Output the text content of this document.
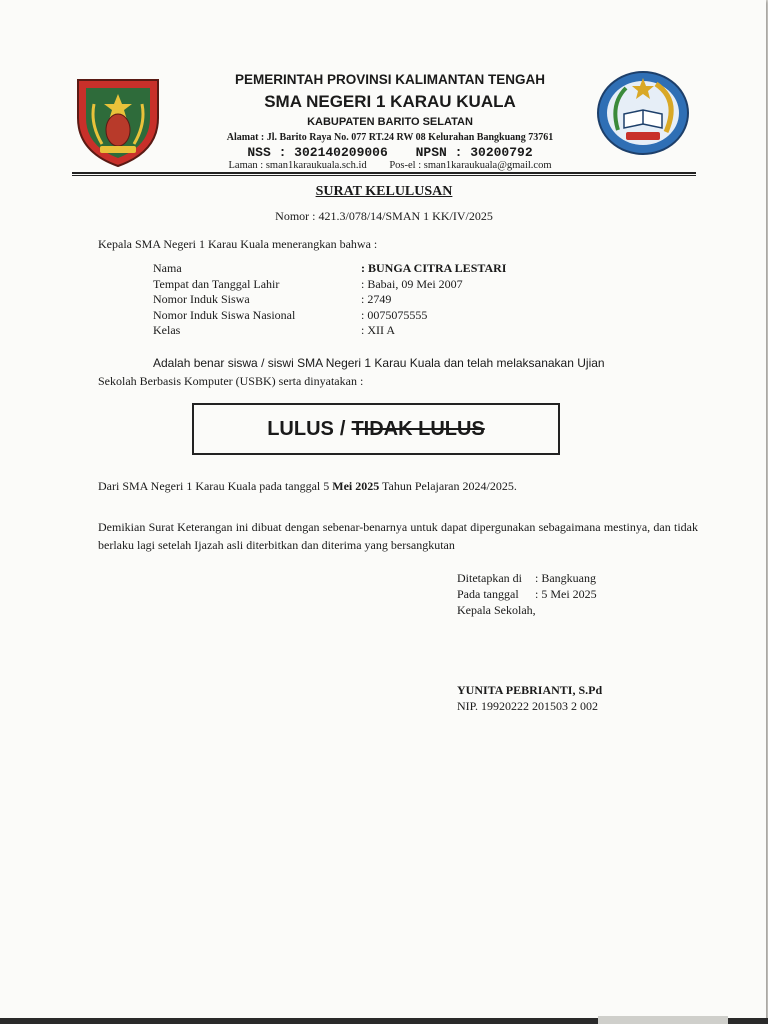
PEMERINTAH PROVINSI KALIMANTAN TENGAH
SMA NEGERI 1 KARAU KUALA
KABUPATEN BARITO SELATAN
Alamat : Jl. Barito Raya No. 077 RT.24 RW 08 Kelurahan Bangkuang 73761
NSS : 302140209006 NPSN : 30200792
Laman : sman1karaukuala.sch.id Pos-el : sman1karaukuala@gmail.com
SURAT KELULUSAN
Nomor : 421.3/078/14/SMAN 1 KK/IV/2025
Kepala SMA Negeri 1 Karau Kuala menerangkan bahwa :
Nama	: BUNGA CITRA LESTARI
Tempat dan Tanggal Lahir	: Babai, 09 Mei 2007
Nomor Induk Siswa	: 2749
Nomor Induk Siswa Nasional	: 0075075555
Kelas	: XII A
Adalah benar siswa / siswi SMA Negeri 1 Karau Kuala dan telah melaksanakan Ujian
Sekolah Berbasis Komputer (USBK) serta dinyatakan :
LULUS / TIDAK LULUS
Dari SMA Negeri 1 Karau Kuala pada tanggal 5 Mei 2025 Tahun Pelajaran 2024/2025.
Demikian Surat Keterangan ini dibuat dengan sebenar-benarnya untuk dapat dipergunakan sebagaimana mestinya, dan tidak berlaku lagi setelah Ijazah asli diterbitkan dan diterima yang bersangkutan
Ditetapkan di	: Bangkuang
Pada tanggal	: 5 Mei 2025
Kepala Sekolah,
YUNITA PEBRIANTI, S.Pd
NIP. 19920222 201503 2 002
